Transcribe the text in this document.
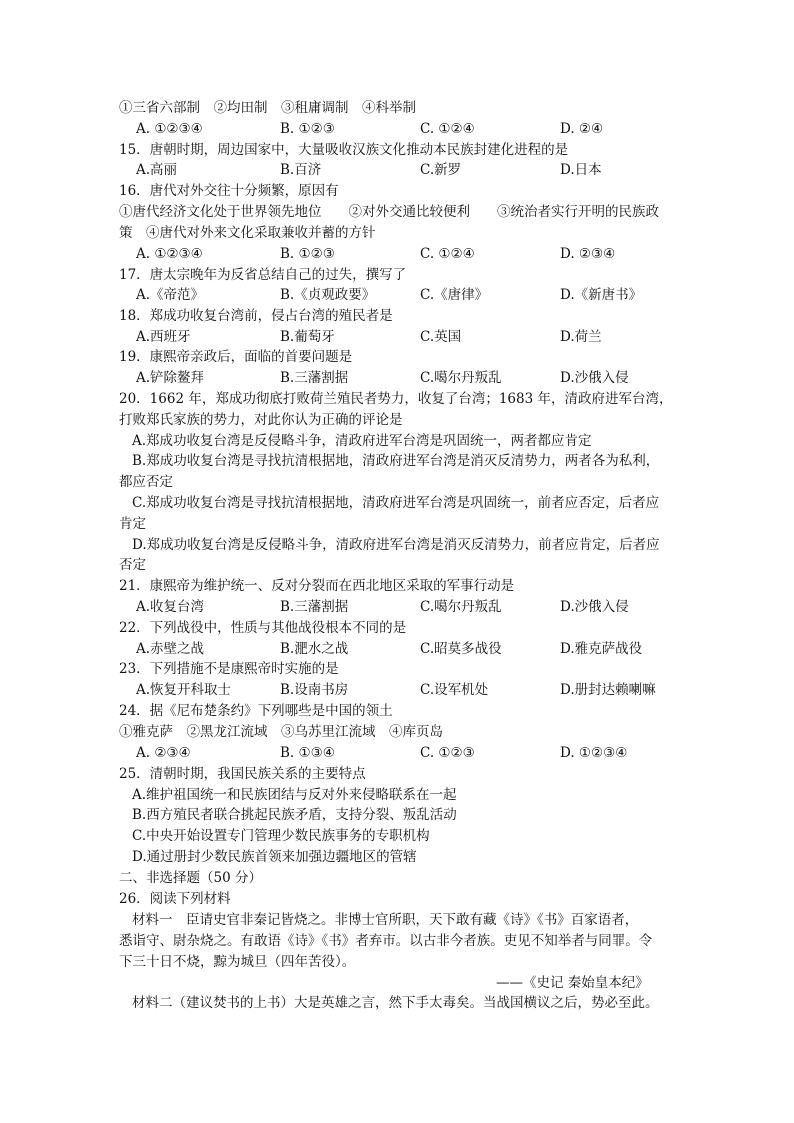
①三省六部制　②均田制　③租庸调制　④科举制
15．唐朝时期，周边国家中，大量吸收汉族文化推动本民族封建化进程的是
16．唐代对外交往十分频繁，原因有
①唐代经济文化处于世界领先地位　　②对外交通比较便利　　③统治者实行开明的民族政
策　④唐代对外来文化采取兼收并蓄的方针
17．唐太宗晚年为反省总结自己的过失，撰写了
18．郑成功收复台湾前，侵占台湾的殖民者是
19．康熙帝亲政后，面临的首要问题是
20．1662 年，郑成功彻底打败荷兰殖民者势力，收复了台湾；1683 年，清政府进军台湾，
打败郑氏家族的势力，对此你认为正确的评论是
A.郑成功收复台湾是反侵略斗争，清政府进军台湾是巩固统一，两者都应肯定
B.郑成功收复台湾是寻找抗清根据地，清政府进军台湾是消灭反清势力，两者各为私利，
都应否定
C.郑成功收复台湾是寻找抗清根据地，清政府进军台湾是巩固统一，前者应否定，后者应
肯定
D.郑成功收复台湾是反侵略斗争，清政府进军台湾是消灭反清势力，前者应肯定，后者应
否定
21．康熙帝为维护统一、反对分裂而在西北地区采取的军事行动是
22．下列战役中，性质与其他战役根本不同的是
23．下列措施不是康熙帝时实施的是
24．据《尼布楚条约》下列哪些是中国的领土
①雅克萨　②黑龙江流域　③乌苏里江流域　④库页岛
25．清朝时期，我国民族关系的主要特点
A.维护祖国统一和民族团结与反对外来侵略联系在一起
B.西方殖民者联合挑起民族矛盾，支持分裂、叛乱活动
C.中央开始设置专门管理少数民族事务的专职机构
D.通过册封少数民族首领来加强边疆地区的管辖
二、非选择题（50 分）
26．阅读下列材料
材料一　臣请史官非秦记皆烧之。非博士官所职，天下敢有藏《诗》《书》百家语者，
悉诣守、尉杂烧之。有敢语《诗》《书》者弃市。以古非今者族。吏见不知举者与同罪。令
下三十日不烧，黥为城旦（四年苦役）。
——《史记 秦始皇本纪》
材料二（建议焚书的上书）大是英雄之言，然下手太毒矣。当战国横议之后，势必至此。
A. ①②③④	B. ①②③	C. ①②④	D. ②④
A.高丽	B.百济	C.新罗	D.日本
A. ①②③④	B. ①②③	C. ①②④	D. ②③④
A.《帝范》	B.《贞观政要》	C.《唐律》	D.《新唐书》
A.西班牙	B.葡萄牙	C.英国	D.荷兰
A.铲除鳌拜	B.三藩割据	C.噶尔丹叛乱	D.沙俄入侵
A.收复台湾	B.三藩割据	C.噶尔丹叛乱	D.沙俄入侵
A.赤壁之战	B.淝水之战	C.昭莫多战役	D.雅克萨战役
A.恢复开科取士	B.设南书房	C.设军机处	D.册封达赖喇嘛
A. ②③④	B. ①③④	C. ①②③	D. ①②③④
